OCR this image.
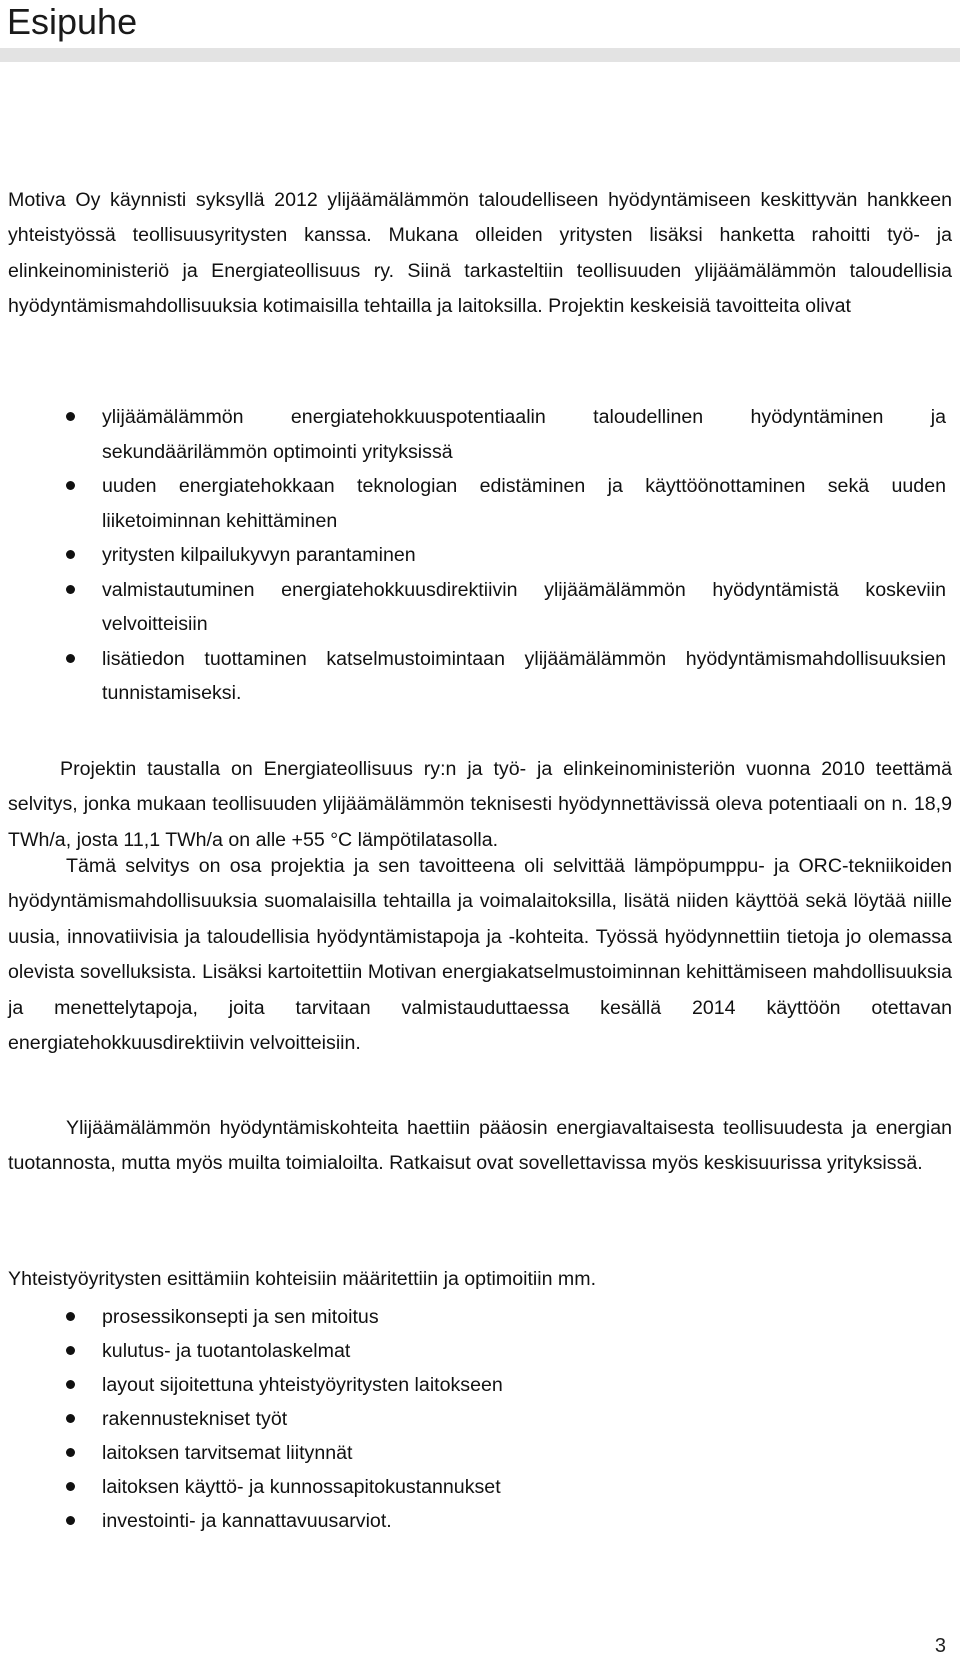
Esipuhe

Motiva Oy käynnisti syksyllä 2012 ylijäämälämmön taloudelliseen hyödyntämiseen keskittyvän hankkeen yhteistyössä teollisuusyritysten kanssa. Mukana olleiden yritysten lisäksi hanketta rahoitti työ- ja elinkeinoministeriö ja Energiateollisuus ry. Siinä tarkasteltiin teollisuuden ylijäämälämmön taloudellisia hyödyntämismahdollisuuksia kotimaisilla tehtailla ja laitoksilla. Projektin keskeisiä tavoitteita olivat

ylijäämälämmön energiatehokkuuspotentiaalin taloudellinen hyödyntäminen ja sekundäärilämmön optimointi yrityksissä
uuden energiatehokkaan teknologian edistäminen ja käyttöönottaminen sekä uuden liiketoiminnan kehittäminen
yritysten kilpailukyvyn parantaminen
valmistautuminen energiatehokkuusdirektiivin ylijäämälämmön hyödyntämistä koskeviin velvoitteisiin
lisätiedon tuottaminen katselmustoimintaan ylijäämälämmön hyödyntämismahdollisuuksien tunnistamiseksi.

Projektin taustalla on Energiateollisuus ry:n ja työ- ja elinkeinoministeriön vuonna 2010 teettämä selvitys, jonka mukaan teollisuuden ylijäämälämmön teknisesti hyödynnettävissä oleva potentiaali on n. 18,9 TWh/a, josta 11,1 TWh/a on alle +55 °C lämpötilatasolla.

Tämä selvitys on osa projektia ja sen tavoitteena oli selvittää lämpöpumppu- ja ORC-tekniikoiden hyödyntämismahdollisuuksia suomalaisilla tehtailla ja voimalaitoksilla, lisätä niiden käyttöä sekä löytää niille uusia, innovatiivisia ja taloudellisia hyödyntämistapoja ja -kohteita. Työssä hyödynnettiin tietoja jo olemassa olevista sovelluksista. Lisäksi kartoitettiin Motivan energiakatselmustoiminnan kehittämiseen mahdollisuuksia ja menettelytapoja, joita tarvitaan valmistauduttaessa kesällä 2014 käyttöön otettavan energiatehokkuusdirektiivin velvoitteisiin.

Ylijäämälämmön hyödyntämiskohteita haettiin pääosin energiavaltaisesta teollisuudesta ja energian tuotannosta, mutta myös muilta toimialoilta. Ratkaisut ovat sovellettavissa myös keskisuurissa yrityksissä.

Yhteistyöyritysten esittämiin kohteisiin määritettiin ja optimoitiin mm.

prosessikonsepti ja sen mitoitus
kulutus- ja tuotantolaskelmat
layout sijoitettuna yhteistyöyritysten laitokseen
rakennustekniset työt
laitoksen tarvitsemat liitynnät
laitoksen käyttö- ja kunnossapitokustannukset
investointi- ja kannattavuusarviot.
3
